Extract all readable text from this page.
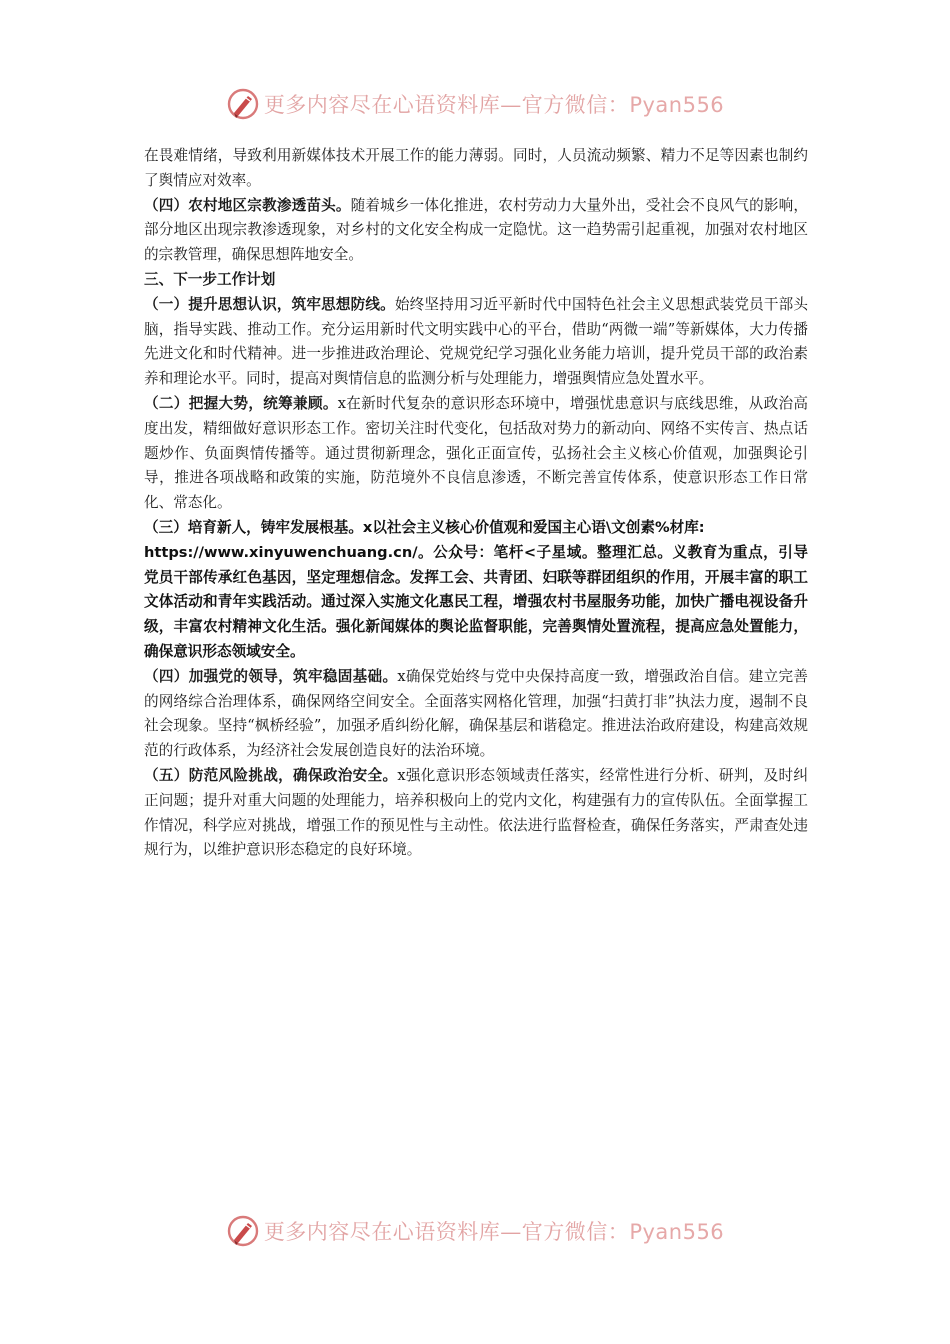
更多内容尽在心语资料库—官方微信：Pyan556

在畏难情绪，导致利用新媒体技术开展工作的能力薄弱。同时，人员流动频繁、精力不足等因素也制约了舆情应对效率。

（四）农村地区宗教渗透苗头。随着城乡一体化推进，农村劳动力大量外出，受社会不良风气的影响，部分地区出现宗教渗透现象，对乡村的文化安全构成一定隐忧。这一趋势需引起重视，加强对农村地区的宗教管理，确保思想阵地安全。

三、下一步工作计划

（一）提升思想认识，筑牢思想防线。始终坚持用习近平新时代中国特色社会主义思想武装党员干部头脑，指导实践、推动工作。充分运用新时代文明实践中心的平台，借助“两微一端”等新媒体，大力传播先进文化和时代精神。进一步推进政治理论、党规党纪学习强化业务能力培训，提升党员干部的政治素养和理论水平。同时，提高对舆情信息的监测分析与处理能力，增强舆情应急处置水平。

（二）把握大势，统筹兼顾。x在新时代复杂的意识形态环境中，增强忧患意识与底线思维，从政治高度出发，精细做好意识形态工作。密切关注时代变化，包括敌对势力的新动向、网络不实传言、热点话题炒作、负面舆情传播等。通过贯彻新理念，强化正面宣传，弘扬社会主义核心价值观，加强舆论引导，推进各项战略和政策的实施，防范境外不良信息渗透，不断完善宣传体系，使意识形态工作日常化、常态化。

（三）培育新人，铸牢发展根基。x以社会主义核心价值观和爱国主心语\文创素%材库:
https://www.xinyuwenchuang.cn/。公众号：笔杆<子星域。整理汇总。义教育为重点，引导党员干部传承红色基因，坚定理想信念。发挥工会、共青团、妇联等群团组织的作用，开展丰富的职工文体活动和青年实践活动。通过深入实施文化惠民工程，增强农村书屋服务功能，加快广播电视设备升级，丰富农村精神文化生活。强化新闻媒体的舆论监督职能，完善舆情处置流程，提高应急处置能力，确保意识形态领域安全。

（四）加强党的领导，筑牢稳固基础。x确保党始终与党中央保持高度一致，增强政治自信。建立完善的网络综合治理体系，确保网络空间安全。全面落实网格化管理，加强“扫黄打非”执法力度，遏制不良社会现象。坚持“枫桥经验”，加强矛盾纠纷化解，确保基层和谐稳定。推进法治政府建设，构建高效规范的行政体系，为经济社会发展创造良好的法治环境。

（五）防范风险挑战，确保政治安全。x强化意识形态领域责任落实，经常性进行分析、研判，及时纠正问题；提升对重大问题的处理能力，培养积极向上的党内文化，构建强有力的宣传队伍。全面掌握工作情况，科学应对挑战，增强工作的预见性与主动性。依法进行监督检查，确保任务落实，严肃查处违规行为，以维护意识形态稳定的良好环境。

更多内容尽在心语资料库—官方微信：Pyan556
